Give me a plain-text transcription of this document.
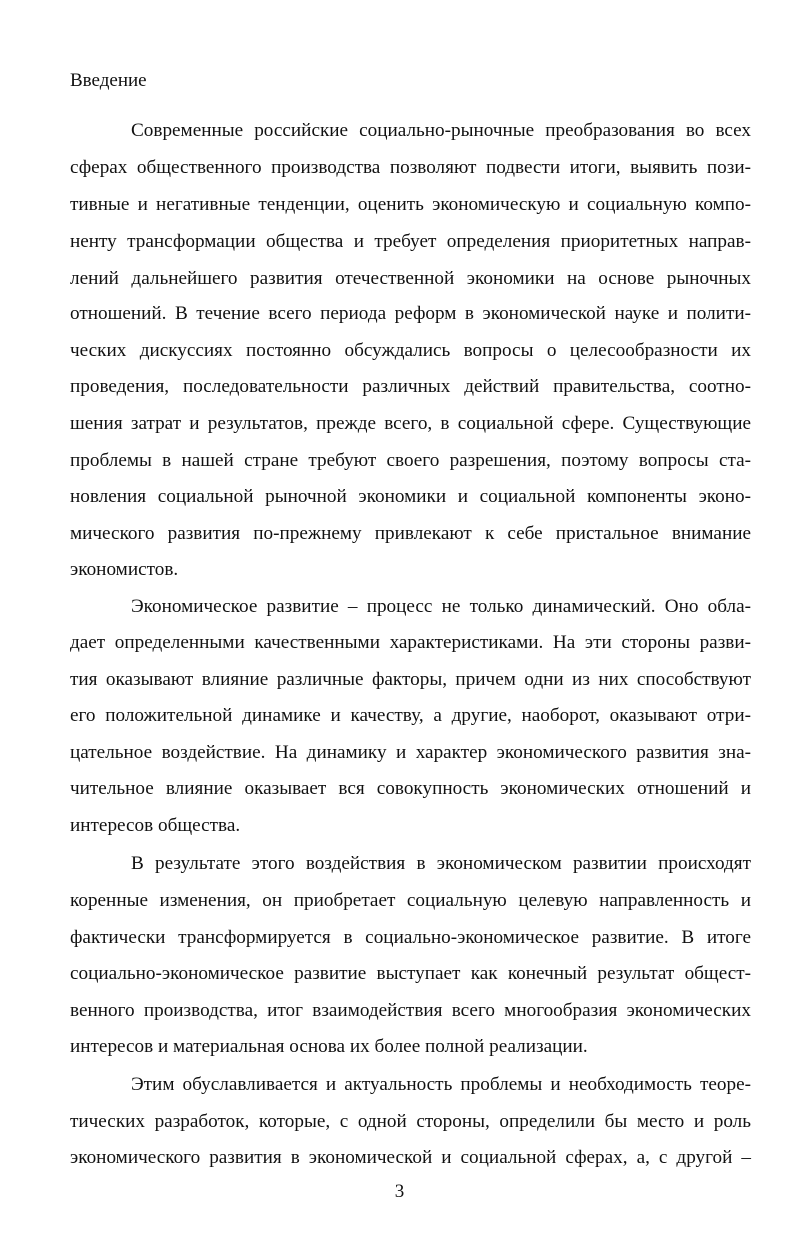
Введение
Современные российские социально-рыночные преобразования во всех
сферах общественного производства позволяют подвести итоги, выявить пози-
тивные и негативные тенденции, оценить экономическую и социальную компо-
ненту трансформации общества и требует определения приоритетных направ-
лений дальнейшего развития отечественной экономики на основе рыночных
отношений. В течение всего периода реформ в экономической науке и полити-
ческих дискуссиях постоянно обсуждались вопросы о целесообразности их
проведения, последовательности различных действий правительства, соотно-
шения затрат и результатов, прежде всего, в социальной сфере. Существующие
проблемы в нашей стране требуют своего разрешения, поэтому вопросы ста-
новления социальной рыночной экономики и социальной компоненты эконо-
мического развития по-прежнему привлекают к себе пристальное внимание
экономистов.
Экономическое развитие – процесс не только динамический. Оно обла-
дает определенными качественными характеристиками. На эти стороны разви-
тия оказывают влияние различные факторы, причем одни из них способствуют
его положительной динамике и качеству, а другие, наоборот, оказывают отри-
цательное воздействие. На динамику и характер экономического развития зна-
чительное влияние оказывает вся совокупность экономических отношений и
интересов общества.
В результате этого воздействия в экономическом развитии происходят
коренные изменения, он приобретает социальную целевую направленность и
фактически трансформируется в социально-экономическое развитие. В итоге
социально-экономическое развитие выступает как конечный результат общест-
венного производства, итог взаимодействия всего многообразия экономических
интересов и материальная основа их более полной реализации.
Этим обуславливается и актуальность проблемы и необходимость теоре-
тических разработок, которые, с одной стороны, определили бы место и роль
экономического развития в экономической и социальной сферах, а, с другой –
3
